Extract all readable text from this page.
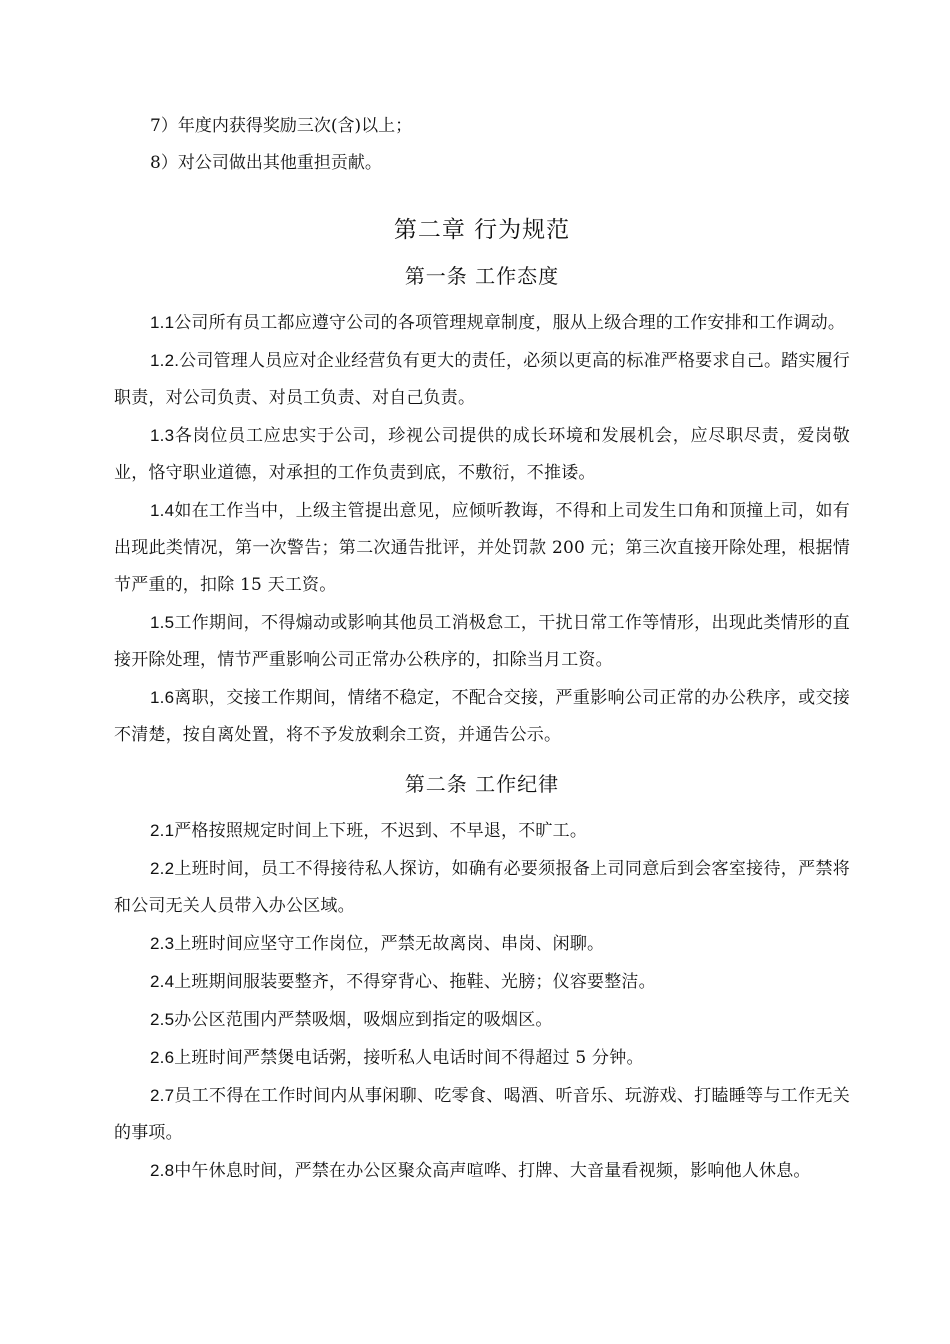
7）年度内获得奖励三次(含)以上；

8）对公司做出其他重担贡献。

第二章 行为规范
第一条 工作态度

1.1公司所有员工都应遵守公司的各项管理规章制度，服从上级合理的工作安排和工作调动。

1.2.公司管理人员应对企业经营负有更大的责任，必须以更高的标准严格要求自己。踏实履行职责，对公司负责、对员工负责、对自己负责。

1.3各岗位员工应忠实于公司，珍视公司提供的成长环境和发展机会，应尽职尽责，爱岗敬业，恪守职业道德，对承担的工作负责到底，不敷衍，不推诿。

1.4如在工作当中，上级主管提出意见，应倾听教诲，不得和上司发生口角和顶撞上司，如有出现此类情况，第一次警告；第二次通告批评，并处罚款 200 元；第三次直接开除处理，根据情节严重的，扣除 15 天工资。

1.5工作期间，不得煽动或影响其他员工消极怠工，干扰日常工作等情形，出现此类情形的直接开除处理，情节严重影响公司正常办公秩序的，扣除当月工资。

1.6离职，交接工作期间，情绪不稳定，不配合交接，严重影响公司正常的办公秩序，或交接不清楚，按自离处置，将不予发放剩余工资，并通告公示。

第二条 工作纪律

2.1严格按照规定时间上下班，不迟到、不早退，不旷工。

2.2上班时间，员工不得接待私人探访，如确有必要须报备上司同意后到会客室接待，严禁将和公司无关人员带入办公区域。

2.3上班时间应坚守工作岗位，严禁无故离岗、串岗、闲聊。

2.4上班期间服装要整齐，不得穿背心、拖鞋、光膀；仪容要整洁。

2.5办公区范围内严禁吸烟，吸烟应到指定的吸烟区。

2.6上班时间严禁煲电话粥，接听私人电话时间不得超过 5 分钟。

2.7员工不得在工作时间内从事闲聊、吃零食、喝酒、听音乐、玩游戏、打瞌睡等与工作无关的事项。

2.8中午休息时间，严禁在办公区聚众高声喧哗、打牌、大音量看视频，影响他人休息。
